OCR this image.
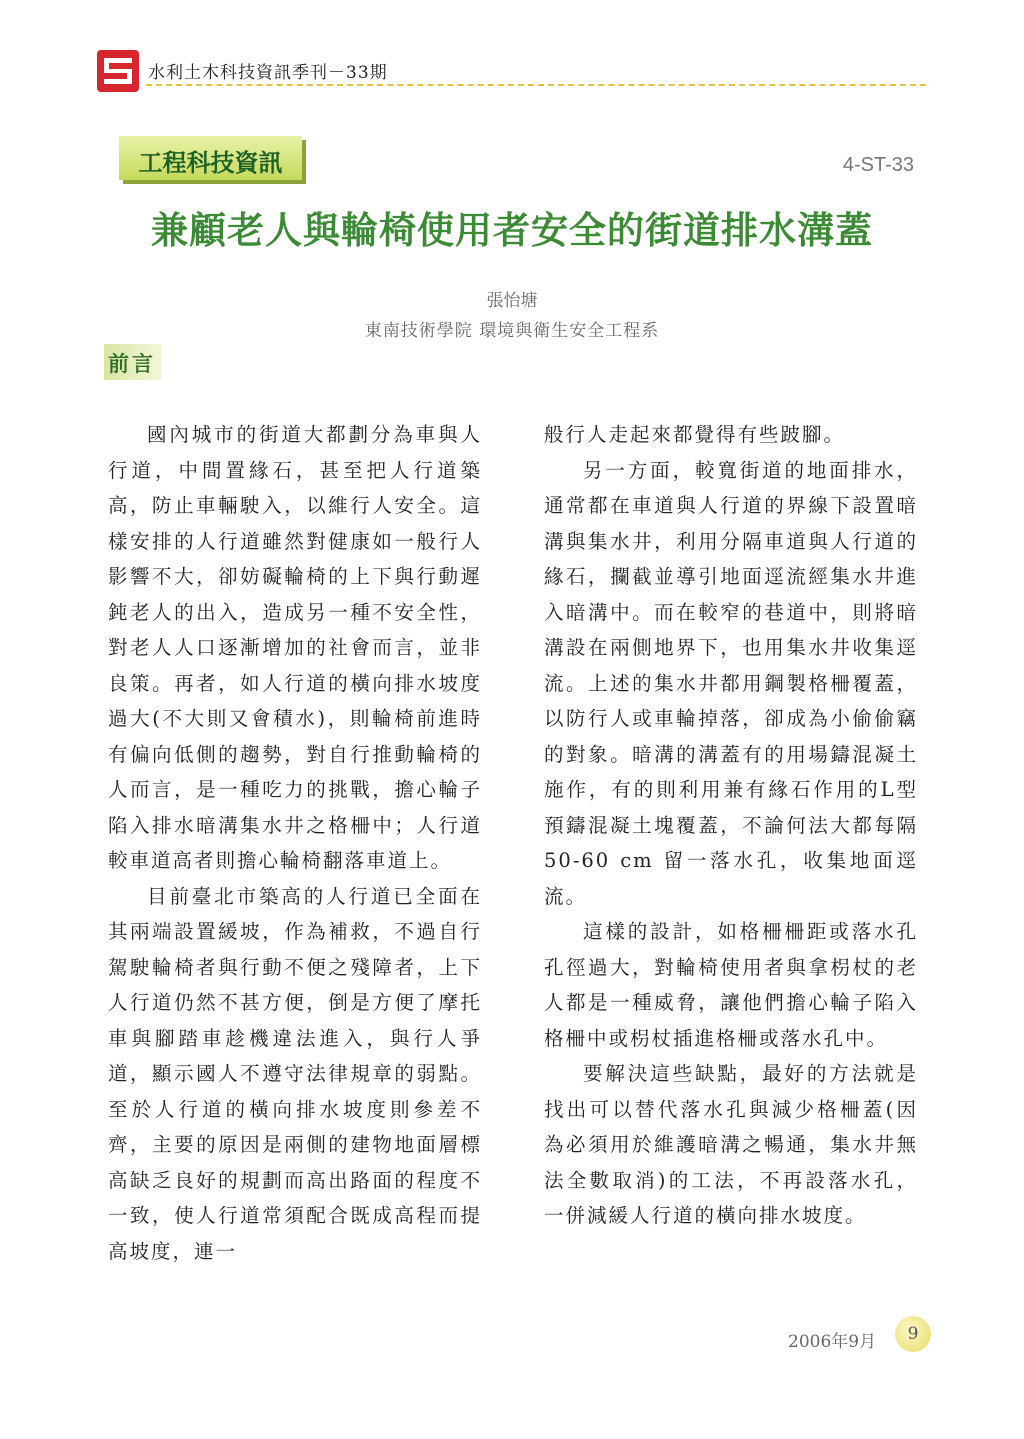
水利土木科技資訊季刊－33期
工程科技資訊	4-ST-33
兼顧老人與輪椅使用者安全的街道排水溝蓋
張怡塘
東南技術學院 環境與衛生安全工程系
前言

國內城市的街道大都劃分為車與人行道，中間置緣石，甚至把人行道築高，防止車輛駛入，以維行人安全。這樣安排的人行道雖然對健康如一般行人影響不大，卻妨礙輪椅的上下與行動遲鈍老人的出入，造成另一種不安全性，對老人人口逐漸增加的社會而言，並非良策。再者，如人行道的橫向排水坡度過大(不大則又會積水)，則輪椅前進時有偏向低側的趨勢，對自行推動輪椅的人而言，是一種吃力的挑戰，擔心輪子陷入排水暗溝集水井之格柵中；人行道較車道高者則擔心輪椅翻落車道上。

目前臺北市築高的人行道已全面在其兩端設置緩坡，作為補救，不過自行駕駛輪椅者與行動不便之殘障者，上下人行道仍然不甚方便，倒是方便了摩托車與腳踏車趁機違法進入，與行人爭道，顯示國人不遵守法律規章的弱點。至於人行道的橫向排水坡度則參差不齊，主要的原因是兩側的建物地面層標高缺乏良好的規劃而高出路面的程度不一致，使人行道常須配合既成高程而提高坡度，連一

般行人走起來都覺得有些跛腳。

另一方面，較寬街道的地面排水，通常都在車道與人行道的界線下設置暗溝與集水井，利用分隔車道與人行道的緣石，攔截並導引地面逕流經集水井進入暗溝中。而在較窄的巷道中，則將暗溝設在兩側地界下，也用集水井收集逕流。上述的集水井都用鋼製格柵覆蓋，以防行人或車輪掉落，卻成為小偷偷竊的對象。暗溝的溝蓋有的用場鑄混凝土施作，有的則利用兼有緣石作用的L型預鑄混凝土塊覆蓋，不論何法大都每隔 50-60 cm 留一落水孔，收集地面逕流。

這樣的設計，如格柵柵距或落水孔孔徑過大，對輪椅使用者與拿枴杖的老人都是一種威脅，讓他們擔心輪子陷入格柵中或枴杖插進格柵或落水孔中。

要解決這些缺點，最好的方法就是找出可以替代落水孔與減少格柵蓋(因為必須用於維護暗溝之暢通，集水井無法全數取消)的工法，不再設落水孔，一併減緩人行道的橫向排水坡度。

2006年9月	9
